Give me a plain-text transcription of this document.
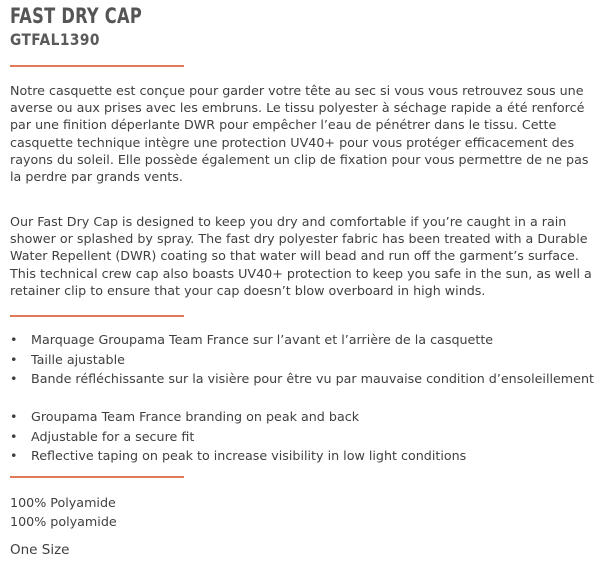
FAST DRY CAP
GTFAL1390

Notre casquette est conçue pour garder votre tête au sec si vous vous retrouvez sous une averse ou aux prises avec les embruns. Le tissu polyester à séchage rapide a été renforcé par une finition déperlante DWR pour empêcher l’eau de pénétrer dans le tissu. Cette casquette technique intègre une protection UV40+ pour vous protéger efficacement des rayons du soleil. Elle possède également un clip de fixation pour vous permettre de ne pas la perdre par grands vents.

Our Fast Dry Cap is designed to keep you dry and comfortable if you’re caught in a rain shower or splashed by spray. The fast dry polyester fabric has been treated with a Durable Water Repellent (DWR) coating so that water will bead and run off the garment’s surface. This technical crew cap also boasts UV40+ protection to keep you safe in the sun, as well a retainer clip to ensure that your cap doesn’t blow overboard in high winds.

• Marquage Groupama Team France sur l’avant et l’arrière de la casquette
• Taille ajustable
• Bande réfléchissante sur la visière pour être vu par mauvaise condition d’ensoleillement
• Groupama Team France branding on peak and back
• Adjustable for a secure fit
• Reflective taping on peak to increase visibility in low light conditions
100% Polyamide
100% polyamide
One Size
